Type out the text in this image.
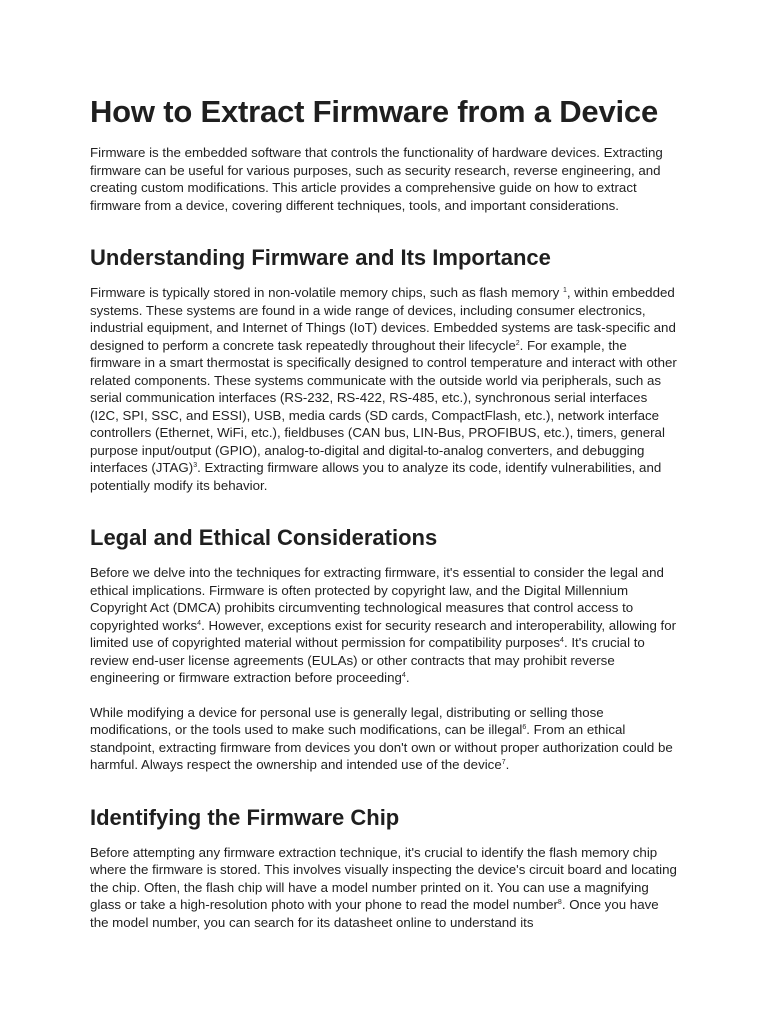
How to Extract Firmware from a Device

Firmware is the embedded software that controls the functionality of hardware devices. Extracting firmware can be useful for various purposes, such as security research, reverse engineering, and creating custom modifications. This article provides a comprehensive guide on how to extract firmware from a device, covering different techniques, tools, and important considerations.

Understanding Firmware and Its Importance

Firmware is typically stored in non-volatile memory chips, such as flash memory $^1$, within embedded systems. These systems are found in a wide range of devices, including consumer electronics, industrial equipment, and Internet of Things (IoT) devices. Embedded systems are task-specific and designed to perform a concrete task repeatedly throughout their lifecycle$^2$. For example, the firmware in a smart thermostat is specifically designed to control temperature and interact with other related components. These systems communicate with the outside world via peripherals, such as serial communication interfaces (RS-232, RS-422, RS-485, etc.), synchronous serial interfaces (I2C, SPI, SSC, and ESSI), USB, media cards (SD cards, CompactFlash, etc.), network interface controllers (Ethernet, WiFi, etc.), fieldbuses (CAN bus, LIN-Bus, PROFIBUS, etc.), timers, general purpose input/output (GPIO), analog-to-digital and digital-to-analog converters, and debugging interfaces (JTAG)$^3$. Extracting firmware allows you to analyze its code, identify vulnerabilities, and potentially modify its behavior.

Legal and Ethical Considerations

Before we delve into the techniques for extracting firmware, it's essential to consider the legal and ethical implications. Firmware is often protected by copyright law, and the Digital Millennium Copyright Act (DMCA) prohibits circumventing technological measures that control access to copyrighted works$^4$. However, exceptions exist for security research and interoperability, allowing for limited use of copyrighted material without permission for compatibility purposes$^4$. It's crucial to review end-user license agreements (EULAs) or other contracts that may prohibit reverse engineering or firmware extraction before proceeding$^4$.

While modifying a device for personal use is generally legal, distributing or selling those modifications, or the tools used to make such modifications, can be illegal$^6$. From an ethical standpoint, extracting firmware from devices you don't own or without proper authorization could be harmful. Always respect the ownership and intended use of the device$^7$.

Identifying the Firmware Chip

Before attempting any firmware extraction technique, it's crucial to identify the flash memory chip where the firmware is stored. This involves visually inspecting the device's circuit board and locating the chip. Often, the flash chip will have a model number printed on it. You can use a magnifying glass or take a high-resolution photo with your phone to read the model number$^8$. Once you have the model number, you can search for its datasheet online to understand its
